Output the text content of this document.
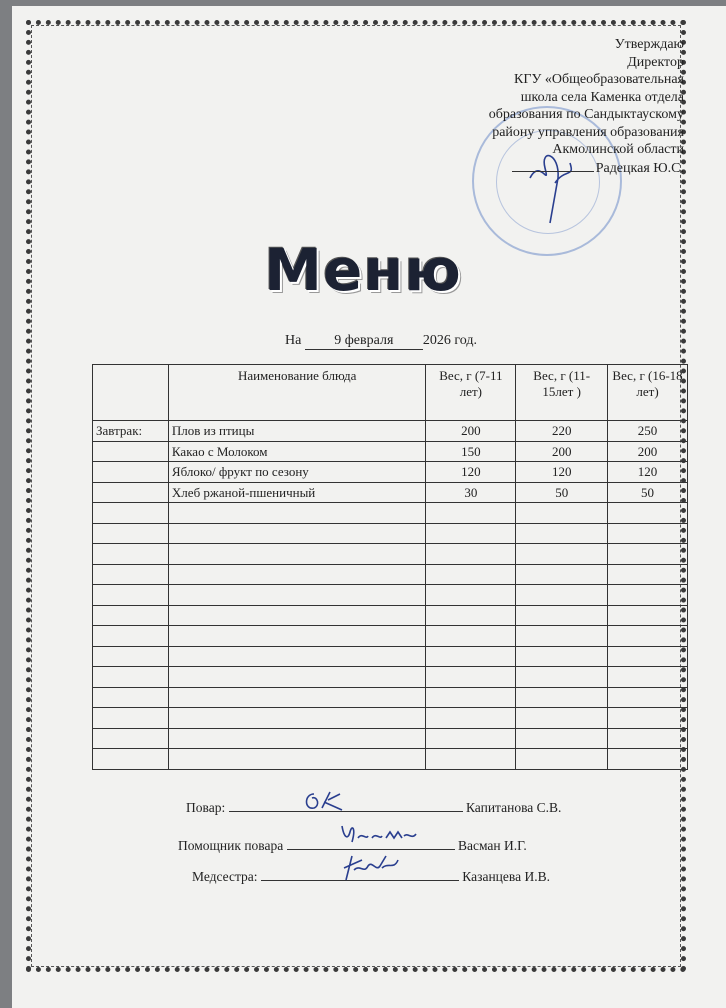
Утверждаю
Директор
КГУ «Общеобразовательная
школа села Каменка отдела
образования по Сандыктаускому
району управления образования
Акмолинской области
Радецкая Ю.С.
Меню
На 9 февраля 2026 год.
	Наименование блюда	Вес, г (7-11 лет)	Вес, г (11-15лет )	Вес, г (16-18 лет)
Завтрак:	Плов из птицы	200	220	250
	Какао с Молоком	150	200	200
	Яблоко/ фрукт по сезону	120	120	120
	Хлеб ржаной-пшеничный	30	50	50

Повар:	Капитанова С.В.
Помощник повара	Васман И.Г.
Медсестра:	Казанцева И.В.
